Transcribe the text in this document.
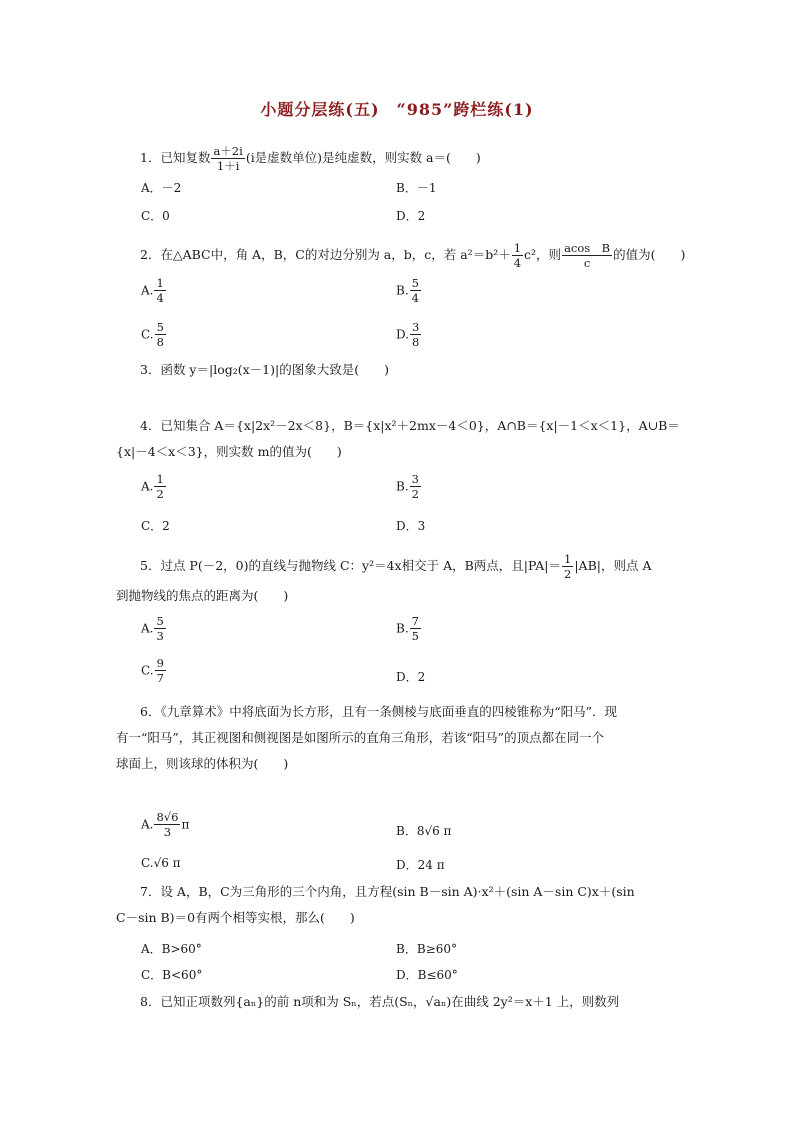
小题分层练(五)　“985”跨栏练(1)
1．已知复数 $\frac{a+2i}{1+i} (i$是虚数单位)是纯虚数，则实数 a＝(　　)
A．－2	B．－1
C．0	D．2
2．在△ABC中，角 A，B，C的对边分别为 a，b，c，若 $a^2=b^2+ \frac{1}{4} c^2$，则 $\frac{\text{acos　B}}{c}$ 的值为(　　)
A. $\frac{1}{4}$	B. $\frac{5}{4}$
C. $\frac{5}{8}$	D. $\frac{3}{8}$
3．函数 y＝|log₂(x－1)|的图象大致是(　　)
4．已知集合 A＝{x|2x²－2x＜8}，B＝{x|x²＋2mx－4＜0}，A∩B＝{x|－1＜x＜1}，A∪B＝
{x|－4＜x＜3}，则实数 m的值为(　　)
A. $\frac{1}{2}$	B. $\frac{3}{2}$
C．2	D．3
5．过点 P(－2，0)的直线与抛物线 C：y²＝4x相交于 A，B两点，且$|PA|= \frac{1}{2} |AB|$，则点 A
到抛物线的焦点的距离为(　　)
A. $\frac{5}{3}$	B. $\frac{7}{5}$
C. $\frac{9}{7}$	D．2
6．《九章算术》中将底面为长方形，且有一条侧棱与底面垂直的四棱锥称为“阳马”．现
有一“阳马”，其正视图和侧视图是如图所示的直角三角形，若该“阳马”的顶点都在同一个
球面上，则该球的体积为(　　)
A. $\frac{8√6}{3}$ π	B．8√6 π
C.√6 π	D．24 π
7．设 A，B，C为三角形的三个内角，且方程(sin B－sin A)·x²＋(sin A－sin C)x＋(sin
C－sin B)＝0有两个相等实根，那么(　　)
A．B>60°	B．B≥60°
C．B<60°	D．B≤60°
8．已知正项数列{aₙ}的前 n项和为 Sₙ，若点(Sₙ，√aₙ)在曲线 2y²＝x＋1 上，则数列
